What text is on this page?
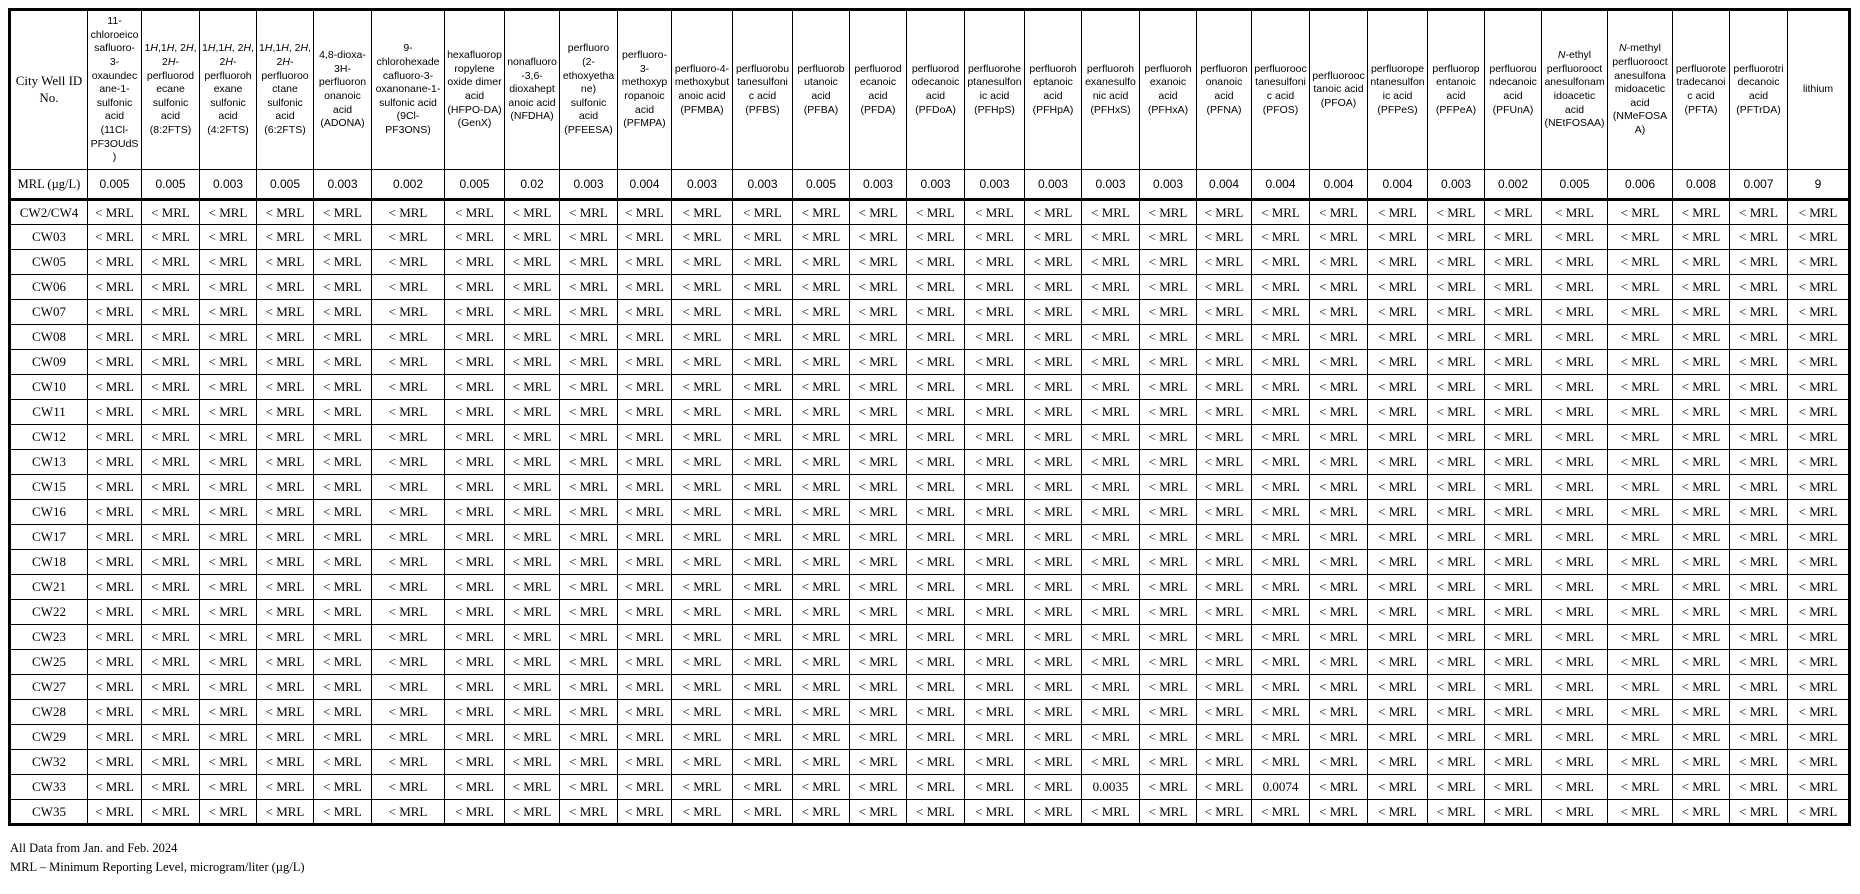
City Well ID No.	11-chloroeicosafluoro-3-oxaundecane-1-sulfonic acid (11Cl-PF3OUdS)	1H,1H, 2H, 2H-perfluorodecane sulfonic acid (8:2FTS)	1H,1H, 2H, 2H-perfluorohexane sulfonic acid (4:2FTS)	1H,1H, 2H, 2H-perfluorooctane sulfonic acid (6:2FTS)	4,8-dioxa-3H-perfluorononanoic acid (ADONA)	9-chlorohexadecafluoro-3-oxanonane-1-sulfonic acid (9Cl-PF3ONS)	hexafluoropropylene oxide dimer acid (HFPO-DA) (GenX)	nonafluoro-3,6-dioxaheptanoic acid (NFDHA)	perfluoro (2-ethoxyethane) sulfonic acid (PFEESA)	perfluoro-3-methoxypropanoic acid (PFMPA)	perfluoro-4-methoxybutanoic acid (PFMBA)	perfluorobutanesulfonic acid (PFBS)	perfluorobutanoic acid (PFBA)	perfluorodecanoic acid (PFDA)	perfluorododecanoic acid (PFDoA)	perfluoroheptanesulfonic acid (PFHpS)	perfluoroheptanoic acid (PFHpA)	perfluorohexanesulfonic acid (PFHxS)	perfluorohexanoic acid (PFHxA)	perfluorononanoic acid (PFNA)	perfluorooctanesulfonic acid (PFOS)	perfluorooctanoic acid (PFOA)	perfluoropentanesulfonic acid (PFPeS)	perfluoropentanoic acid (PFPeA)	perfluoroundecanoic acid (PFUnA)	N-ethyl perfluorooctanesulfonamidoacetic acid (NEtFOSAA)	N-methyl perfluorooctanesulfonamidoacetic acid (NMeFOSAA)	perfluorotetradecanoic acid (PFTA)	perfluorotridecanoic acid (PFTrDA)	lithium
MRL (µg/L)	0.005	0.005	0.003	0.005	0.003	0.002	0.005	0.02	0.003	0.004	0.003	0.003	0.005	0.003	0.003	0.003	0.003	0.003	0.003	0.004	0.004	0.004	0.004	0.003	0.002	0.005	0.006	0.008	0.007	9
CW2/CW4	< MRL	< MRL	< MRL	< MRL	< MRL	< MRL	< MRL	< MRL	< MRL	< MRL	< MRL	< MRL	< MRL	< MRL	< MRL	< MRL	< MRL	< MRL	< MRL	< MRL	< MRL	< MRL	< MRL	< MRL	< MRL	< MRL	< MRL	< MRL	< MRL	< MRL
CW03	< MRL	< MRL	< MRL	< MRL	< MRL	< MRL	< MRL	< MRL	< MRL	< MRL	< MRL	< MRL	< MRL	< MRL	< MRL	< MRL	< MRL	< MRL	< MRL	< MRL	< MRL	< MRL	< MRL	< MRL	< MRL	< MRL	< MRL	< MRL	< MRL	< MRL
CW05	< MRL	< MRL	< MRL	< MRL	< MRL	< MRL	< MRL	< MRL	< MRL	< MRL	< MRL	< MRL	< MRL	< MRL	< MRL	< MRL	< MRL	< MRL	< MRL	< MRL	< MRL	< MRL	< MRL	< MRL	< MRL	< MRL	< MRL	< MRL	< MRL	< MRL
CW06	< MRL	< MRL	< MRL	< MRL	< MRL	< MRL	< MRL	< MRL	< MRL	< MRL	< MRL	< MRL	< MRL	< MRL	< MRL	< MRL	< MRL	< MRL	< MRL	< MRL	< MRL	< MRL	< MRL	< MRL	< MRL	< MRL	< MRL	< MRL	< MRL	< MRL
CW07	< MRL	< MRL	< MRL	< MRL	< MRL	< MRL	< MRL	< MRL	< MRL	< MRL	< MRL	< MRL	< MRL	< MRL	< MRL	< MRL	< MRL	< MRL	< MRL	< MRL	< MRL	< MRL	< MRL	< MRL	< MRL	< MRL	< MRL	< MRL	< MRL	< MRL
CW08	< MRL	< MRL	< MRL	< MRL	< MRL	< MRL	< MRL	< MRL	< MRL	< MRL	< MRL	< MRL	< MRL	< MRL	< MRL	< MRL	< MRL	< MRL	< MRL	< MRL	< MRL	< MRL	< MRL	< MRL	< MRL	< MRL	< MRL	< MRL	< MRL	< MRL
CW09	< MRL	< MRL	< MRL	< MRL	< MRL	< MRL	< MRL	< MRL	< MRL	< MRL	< MRL	< MRL	< MRL	< MRL	< MRL	< MRL	< MRL	< MRL	< MRL	< MRL	< MRL	< MRL	< MRL	< MRL	< MRL	< MRL	< MRL	< MRL	< MRL	< MRL
CW10	< MRL	< MRL	< MRL	< MRL	< MRL	< MRL	< MRL	< MRL	< MRL	< MRL	< MRL	< MRL	< MRL	< MRL	< MRL	< MRL	< MRL	< MRL	< MRL	< MRL	< MRL	< MRL	< MRL	< MRL	< MRL	< MRL	< MRL	< MRL	< MRL	< MRL
CW11	< MRL	< MRL	< MRL	< MRL	< MRL	< MRL	< MRL	< MRL	< MRL	< MRL	< MRL	< MRL	< MRL	< MRL	< MRL	< MRL	< MRL	< MRL	< MRL	< MRL	< MRL	< MRL	< MRL	< MRL	< MRL	< MRL	< MRL	< MRL	< MRL	< MRL
CW12	< MRL	< MRL	< MRL	< MRL	< MRL	< MRL	< MRL	< MRL	< MRL	< MRL	< MRL	< MRL	< MRL	< MRL	< MRL	< MRL	< MRL	< MRL	< MRL	< MRL	< MRL	< MRL	< MRL	< MRL	< MRL	< MRL	< MRL	< MRL	< MRL	< MRL
CW13	< MRL	< MRL	< MRL	< MRL	< MRL	< MRL	< MRL	< MRL	< MRL	< MRL	< MRL	< MRL	< MRL	< MRL	< MRL	< MRL	< MRL	< MRL	< MRL	< MRL	< MRL	< MRL	< MRL	< MRL	< MRL	< MRL	< MRL	< MRL	< MRL	< MRL
CW15	< MRL	< MRL	< MRL	< MRL	< MRL	< MRL	< MRL	< MRL	< MRL	< MRL	< MRL	< MRL	< MRL	< MRL	< MRL	< MRL	< MRL	< MRL	< MRL	< MRL	< MRL	< MRL	< MRL	< MRL	< MRL	< MRL	< MRL	< MRL	< MRL	< MRL
CW16	< MRL	< MRL	< MRL	< MRL	< MRL	< MRL	< MRL	< MRL	< MRL	< MRL	< MRL	< MRL	< MRL	< MRL	< MRL	< MRL	< MRL	< MRL	< MRL	< MRL	< MRL	< MRL	< MRL	< MRL	< MRL	< MRL	< MRL	< MRL	< MRL	< MRL
CW17	< MRL	< MRL	< MRL	< MRL	< MRL	< MRL	< MRL	< MRL	< MRL	< MRL	< MRL	< MRL	< MRL	< MRL	< MRL	< MRL	< MRL	< MRL	< MRL	< MRL	< MRL	< MRL	< MRL	< MRL	< MRL	< MRL	< MRL	< MRL	< MRL	< MRL
CW18	< MRL	< MRL	< MRL	< MRL	< MRL	< MRL	< MRL	< MRL	< MRL	< MRL	< MRL	< MRL	< MRL	< MRL	< MRL	< MRL	< MRL	< MRL	< MRL	< MRL	< MRL	< MRL	< MRL	< MRL	< MRL	< MRL	< MRL	< MRL	< MRL	< MRL
CW21	< MRL	< MRL	< MRL	< MRL	< MRL	< MRL	< MRL	< MRL	< MRL	< MRL	< MRL	< MRL	< MRL	< MRL	< MRL	< MRL	< MRL	< MRL	< MRL	< MRL	< MRL	< MRL	< MRL	< MRL	< MRL	< MRL	< MRL	< MRL	< MRL	< MRL
CW22	< MRL	< MRL	< MRL	< MRL	< MRL	< MRL	< MRL	< MRL	< MRL	< MRL	< MRL	< MRL	< MRL	< MRL	< MRL	< MRL	< MRL	< MRL	< MRL	< MRL	< MRL	< MRL	< MRL	< MRL	< MRL	< MRL	< MRL	< MRL	< MRL	< MRL
CW23	< MRL	< MRL	< MRL	< MRL	< MRL	< MRL	< MRL	< MRL	< MRL	< MRL	< MRL	< MRL	< MRL	< MRL	< MRL	< MRL	< MRL	< MRL	< MRL	< MRL	< MRL	< MRL	< MRL	< MRL	< MRL	< MRL	< MRL	< MRL	< MRL	< MRL
CW25	< MRL	< MRL	< MRL	< MRL	< MRL	< MRL	< MRL	< MRL	< MRL	< MRL	< MRL	< MRL	< MRL	< MRL	< MRL	< MRL	< MRL	< MRL	< MRL	< MRL	< MRL	< MRL	< MRL	< MRL	< MRL	< MRL	< MRL	< MRL	< MRL	< MRL
CW27	< MRL	< MRL	< MRL	< MRL	< MRL	< MRL	< MRL	< MRL	< MRL	< MRL	< MRL	< MRL	< MRL	< MRL	< MRL	< MRL	< MRL	< MRL	< MRL	< MRL	< MRL	< MRL	< MRL	< MRL	< MRL	< MRL	< MRL	< MRL	< MRL	< MRL
CW28	< MRL	< MRL	< MRL	< MRL	< MRL	< MRL	< MRL	< MRL	< MRL	< MRL	< MRL	< MRL	< MRL	< MRL	< MRL	< MRL	< MRL	< MRL	< MRL	< MRL	< MRL	< MRL	< MRL	< MRL	< MRL	< MRL	< MRL	< MRL	< MRL	< MRL
CW29	< MRL	< MRL	< MRL	< MRL	< MRL	< MRL	< MRL	< MRL	< MRL	< MRL	< MRL	< MRL	< MRL	< MRL	< MRL	< MRL	< MRL	< MRL	< MRL	< MRL	< MRL	< MRL	< MRL	< MRL	< MRL	< MRL	< MRL	< MRL	< MRL	< MRL
CW32	< MRL	< MRL	< MRL	< MRL	< MRL	< MRL	< MRL	< MRL	< MRL	< MRL	< MRL	< MRL	< MRL	< MRL	< MRL	< MRL	< MRL	< MRL	< MRL	< MRL	< MRL	< MRL	< MRL	< MRL	< MRL	< MRL	< MRL	< MRL	< MRL	< MRL
CW33	< MRL	< MRL	< MRL	< MRL	< MRL	< MRL	< MRL	< MRL	< MRL	< MRL	< MRL	< MRL	< MRL	< MRL	< MRL	< MRL	< MRL	0.0035	< MRL	< MRL	0.0074	< MRL	< MRL	< MRL	< MRL	< MRL	< MRL	< MRL	< MRL	< MRL
CW35	< MRL	< MRL	< MRL	< MRL	< MRL	< MRL	< MRL	< MRL	< MRL	< MRL	< MRL	< MRL	< MRL	< MRL	< MRL	< MRL	< MRL	< MRL	< MRL	< MRL	< MRL	< MRL	< MRL	< MRL	< MRL	< MRL	< MRL	< MRL	< MRL	< MRL
All Data from Jan. and Feb. 2024
MRL – Minimum Reporting Level, microgram/liter (µg/L)
